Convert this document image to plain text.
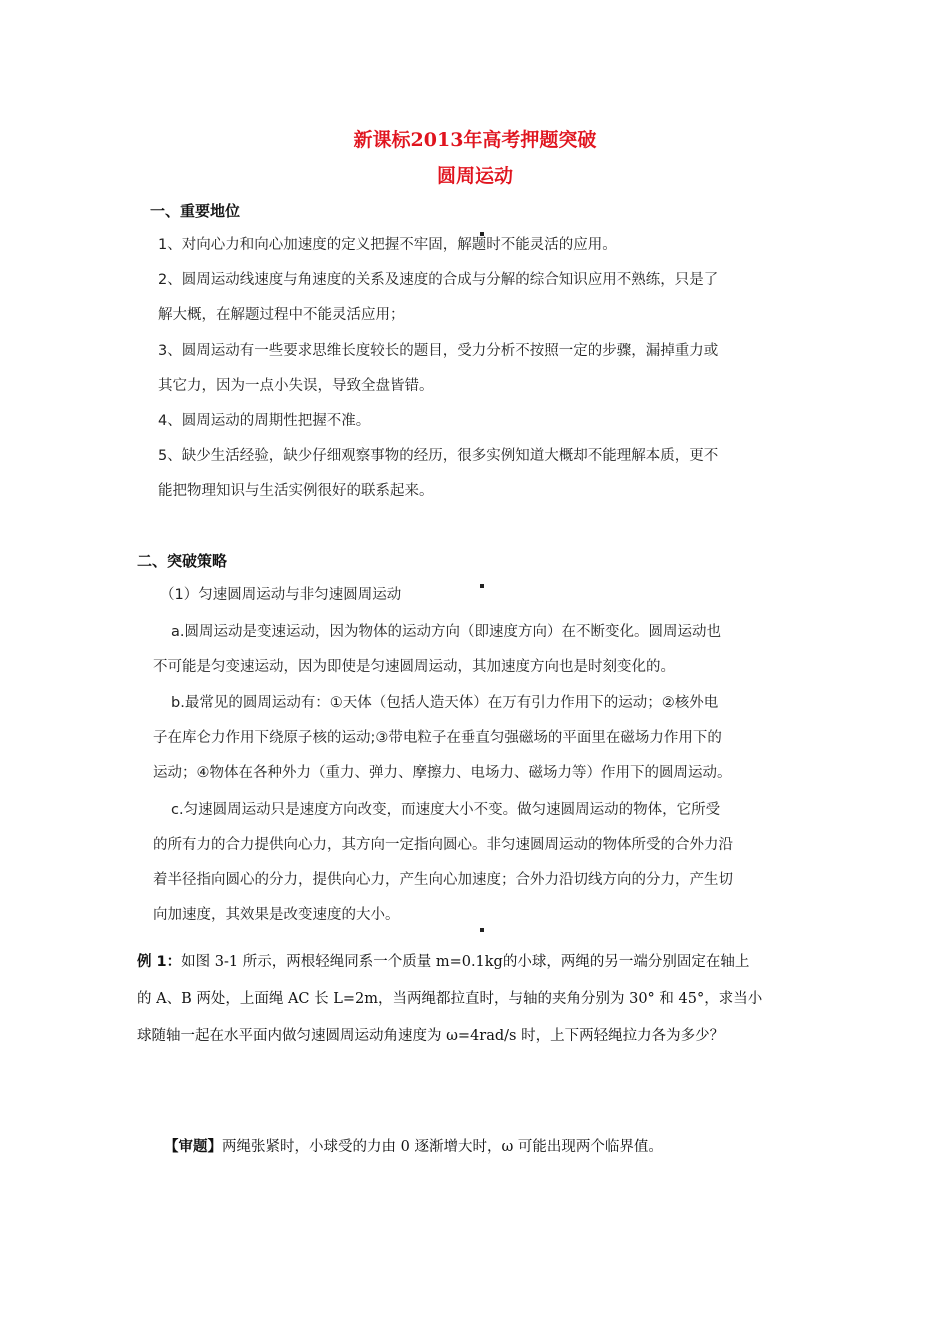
新课标2013年高考押题突破
圆周运动
一、重要地位
1、对向心力和向心加速度的定义把握不牢固，解题时不能灵活的应用。
2、圆周运动线速度与角速度的关系及速度的合成与分解的综合知识应用不熟练，只是了
解大概，在解题过程中不能灵活应用；
3、圆周运动有一些要求思维长度较长的题目，受力分析不按照一定的步骤，漏掉重力或
其它力，因为一点小失误，导致全盘皆错。
4、圆周运动的周期性把握不准。
5、缺少生活经验，缺少仔细观察事物的经历，很多实例知道大概却不能理解本质，更不
能把物理知识与生活实例很好的联系起来。
二、突破策略
（1）匀速圆周运动与非匀速圆周运动
a.圆周运动是变速运动，因为物体的运动方向（即速度方向）在不断变化。圆周运动也
不可能是匀变速运动，因为即使是匀速圆周运动，其加速度方向也是时刻变化的。
b.最常见的圆周运动有：①天体（包括人造天体）在万有引力作用下的运动；②核外电
子在库仑力作用下绕原子核的运动;③带电粒子在垂直匀强磁场的平面里在磁场力作用下的
运动；④物体在各种外力（重力、弹力、摩擦力、电场力、磁场力等）作用下的圆周运动。
c.匀速圆周运动只是速度方向改变，而速度大小不变。做匀速圆周运动的物体，它所受
的所有力的合力提供向心力，其方向一定指向圆心。非匀速圆周运动的物体所受的合外力沿
着半径指向圆心的分力，提供向心力，产生向心加速度；合外力沿切线方向的分力，产生切
向加速度，其效果是改变速度的大小。
例 1：如图 3-1 所示，两根轻绳同系一个质量 m=0.1kg的小球，两绳的另一端分别固定在轴上
的 A、B 两处，上面绳 AC 长 L=2m，当两绳都拉直时，与轴的夹角分别为 30° 和 45°，求当小
球随轴一起在水平面内做匀速圆周运动角速度为 ω=4rad/s 时，上下两轻绳拉力各为多少？
【审题】两绳张紧时，小球受的力由 0 逐渐增大时，ω 可能出现两个临界值。
